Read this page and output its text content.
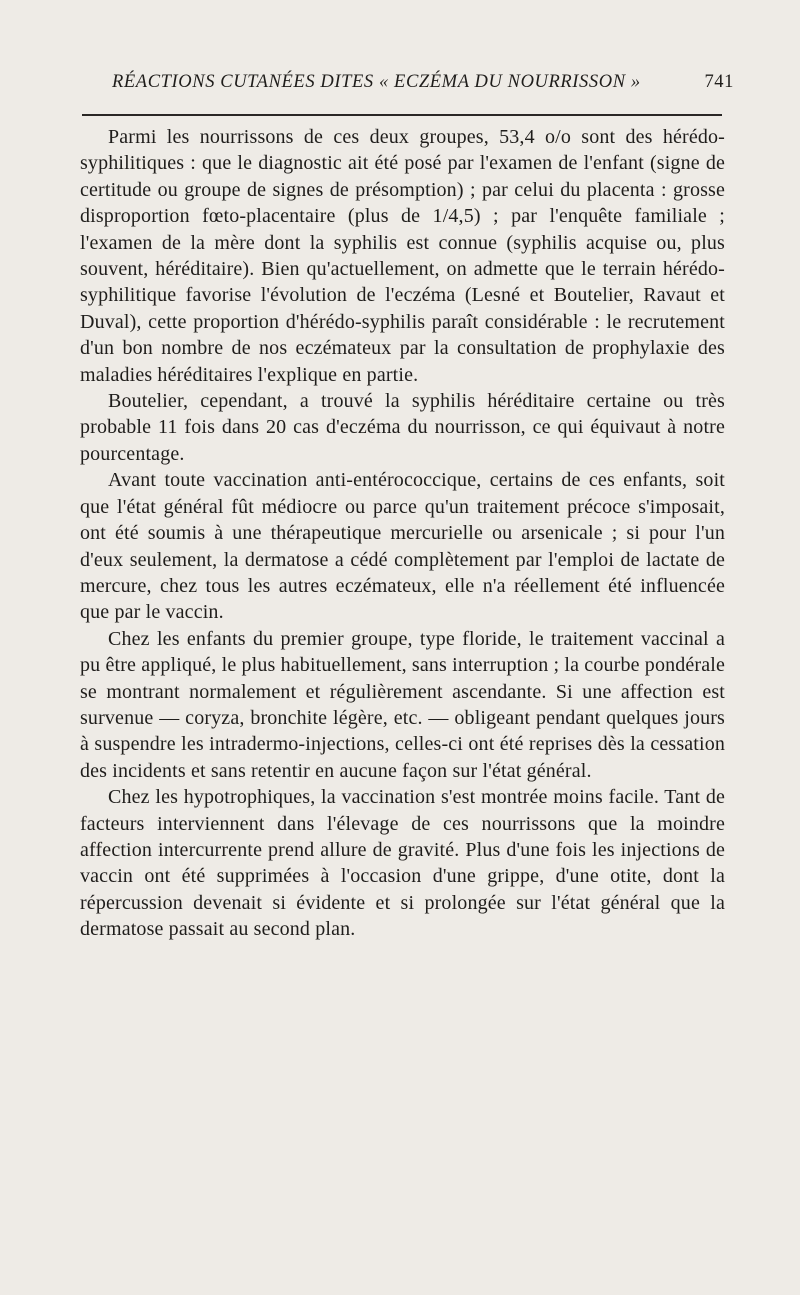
RÉACTIONS CUTANÉES DITES « ECZÉMA DU NOURRISSON »	741

Parmi les nourrissons de ces deux groupes, 53,4 o/o sont des hérédo-syphilitiques : que le diagnostic ait été posé par l'examen de l'enfant (signe de certitude ou groupe de signes de présomption) ; par celui du placenta : grosse disproportion fœto-placentaire (plus de 1/4,5) ; par l'enquête familiale ; l'examen de la mère dont la syphilis est connue (syphilis acquise ou, plus souvent, héréditaire). Bien qu'actuellement, on admette que le terrain hérédo-syphilitique favorise l'évolution de l'eczéma (Lesné et Boutelier, Ravaut et Duval), cette proportion d'hérédo-syphilis paraît considérable : le recrutement d'un bon nombre de nos eczémateux par la consultation de prophylaxie des maladies héréditaires l'explique en partie.

Boutelier, cependant, a trouvé la syphilis héréditaire certaine ou très probable 11 fois dans 20 cas d'eczéma du nourrisson, ce qui équivaut à notre pourcentage.

Avant toute vaccination anti-entérococcique, certains de ces enfants, soit que l'état général fût médiocre ou parce qu'un traitement précoce s'imposait, ont été soumis à une thérapeutique mercurielle ou arsenicale ; si pour l'un d'eux seulement, la dermatose a cédé complètement par l'emploi de lactate de mercure, chez tous les autres eczémateux, elle n'a réellement été influencée que par le vaccin.

Chez les enfants du premier groupe, type floride, le traitement vaccinal a pu être appliqué, le plus habituellement, sans interruption ; la courbe pondérale se montrant normalement et régulièrement ascendante. Si une affection est survenue — coryza, bronchite légère, etc. — obligeant pendant quelques jours à suspendre les intradermo-injections, celles-ci ont été reprises dès la cessation des incidents et sans retentir en aucune façon sur l'état général.

Chez les hypotrophiques, la vaccination s'est montrée moins facile. Tant de facteurs interviennent dans l'élevage de ces nourrissons que la moindre affection intercurrente prend allure de gravité. Plus d'une fois les injections de vaccin ont été supprimées à l'occasion d'une grippe, d'une otite, dont la répercussion devenait si évidente et si prolongée sur l'état général que la dermatose passait au second plan.
